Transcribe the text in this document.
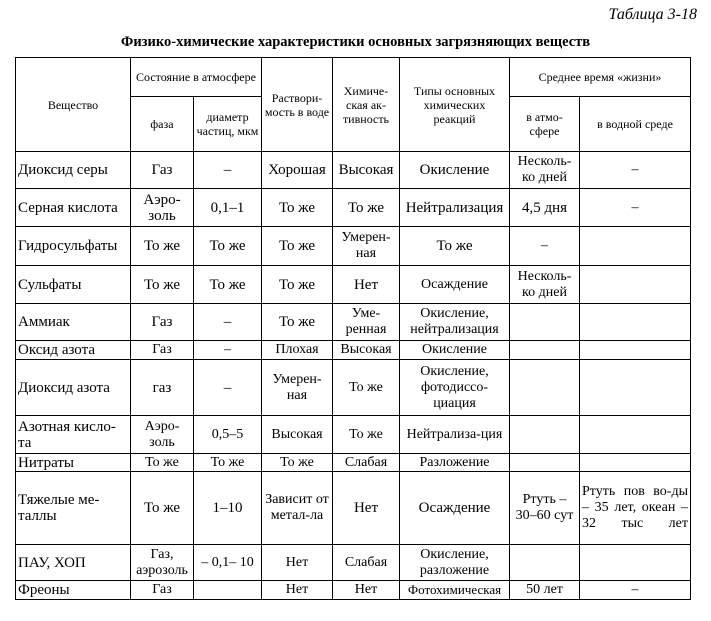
Таблица 3-18
Физико-химические характеристики основных загрязняющих веществ
Вещество	Состояние в атмосфере		Раствори-мость в воде	Химиче-ская ак-тивность	Типы основных химических реакций	Среднее время «жизни»	
	фаза	диаметр частиц, мкм				в атмо-сфере	в водной среде
Диоксид серы	Газ	–	Хорошая	Высокая	Окисление	Несколь-ко дней	–
Серная кислота	Аэро-золь	0,1–1	То же	То же	Нейтрализация	4,5 дня	–
Гидросульфаты	То же	То же	То же	Умерен-ная	То же	–	
Сульфаты	То же	То же	То же	Нет	Осаждение	Несколь-ко дней	
Аммиак	Газ	–	То же	Уме-ренная	Окисление, нейтрализация		
Оксид азота	Газ	–	Плохая	Высокая	Окисление		
Диоксид азота	газ	–	Умерен-ная	То же	Окисление, фотодиссо-циация		
Азотная кисло-та	Аэро-золь	0,5–5	Высокая	То же	Нейтрализа-ция		
Нитраты	То же	То же	То же	Слабая	Разложение		
Тяжелые ме-таллы	То же	1–10	Зависит от метал-ла	Нет	Осаждение	Ртуть – 30–60 сут	Ртуть пов во-ды – 35 лет, океан – 32 тыс лет
ПАУ, ХОП	Газ, аэрозоль	– 0,1– 10	Нет	Слабая	Окисление, разложение		
Фреоны	Газ		Нет	Нет	Фотохимическая	50 лет	–
